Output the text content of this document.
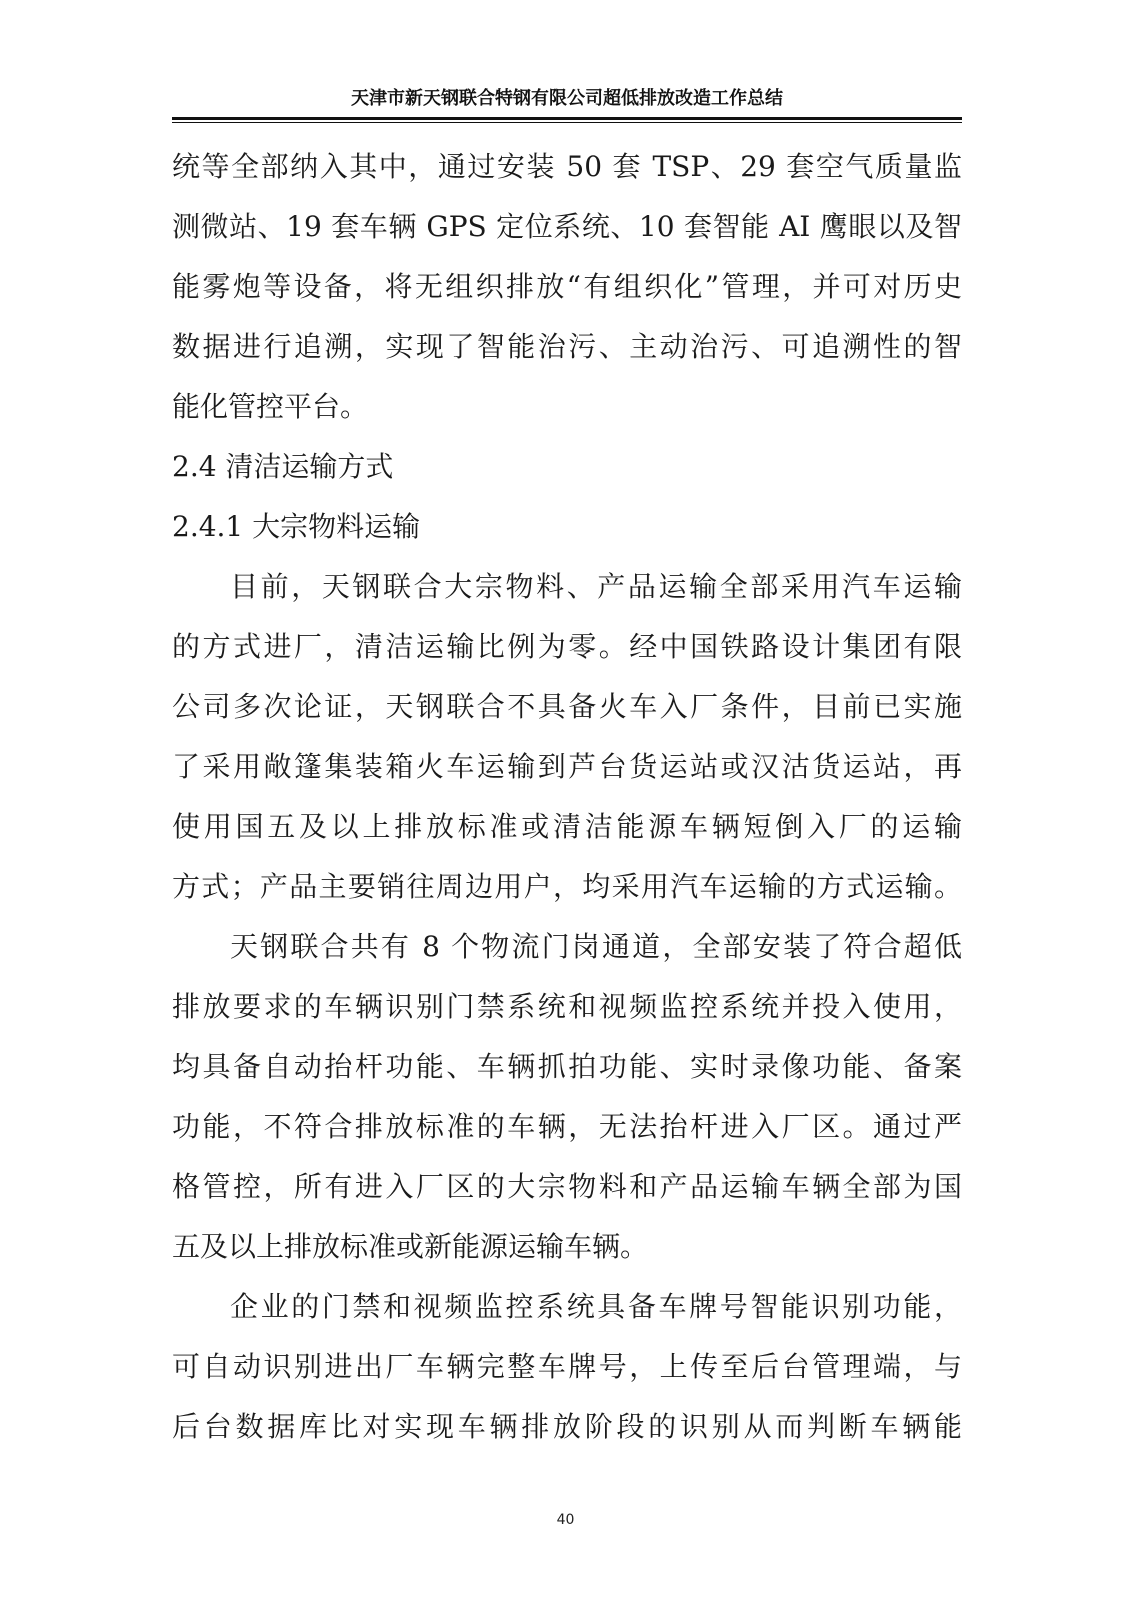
天津市新天钢联合特钢有限公司超低排放改造工作总结
统等全部纳入其中，通过安装 50 套 TSP、29 套空气质量监
测微站、19 套车辆 GPS 定位系统、10 套智能 AI 鹰眼以及智
能雾炮等设备，将无组织排放“有组织化”管理，并可对历史
数据进行追溯，实现了智能治污、主动治污、可追溯性的智
能化管控平台。
2.4 清洁运输方式
2.4.1 大宗物料运输
目前，天钢联合大宗物料、产品运输全部采用汽车运输
的方式进厂，清洁运输比例为零。经中国铁路设计集团有限
公司多次论证，天钢联合不具备火车入厂条件，目前已实施
了采用敞篷集装箱火车运输到芦台货运站或汉沽货运站，再
使用国五及以上排放标准或清洁能源车辆短倒入厂的运输
方式；产品主要销往周边用户，均采用汽车运输的方式运输。
天钢联合共有 8 个物流门岗通道，全部安装了符合超低
排放要求的车辆识别门禁系统和视频监控系统并投入使用，
均具备自动抬杆功能、车辆抓拍功能、实时录像功能、备案
功能，不符合排放标准的车辆，无法抬杆进入厂区。通过严
格管控，所有进入厂区的大宗物料和产品运输车辆全部为国
五及以上排放标准或新能源运输车辆。
企业的门禁和视频监控系统具备车牌号智能识别功能，
可自动识别进出厂车辆完整车牌号，上传至后台管理端，与
后台数据库比对实现车辆排放阶段的识别从而判断车辆能
40
